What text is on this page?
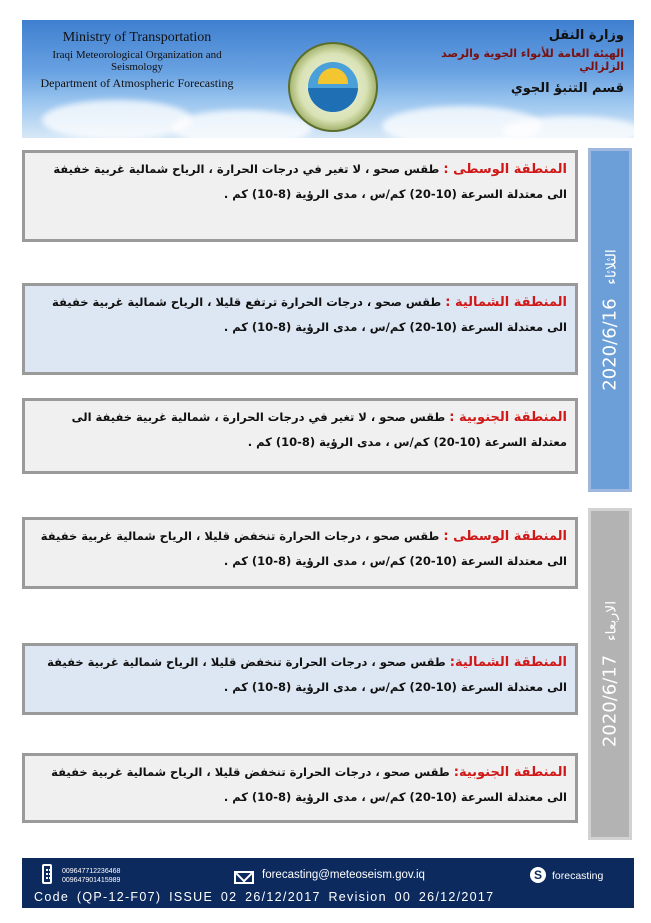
Ministry of Transportation
Iraqi Meteorological Organization and Seismology
Department of Atmospheric Forecasting
وزارة النقل
الهيئة العامة للأنواء الجوية والرصد الزلزالي
قسم التنبؤ الجوي
المنطقة الوسطى : طقس صحو ، لا تغير في درجات الحرارة ، الرياح شمالية غربية خفيفة الى معتدلة السرعة (10-20) كم/س ، مدى الرؤية (8-10) كم .
المنطقة الشمالية : طقس صحو ، درجات الحرارة ترتفع قليلا ، الرياح شمالية غربية خفيفة الى معتدلة السرعة (10-20) كم/س ، مدى الرؤية (8-10) كم .
المنطقة الجنوبية : طقس صحو ، لا تغير في درجات الحرارة ، شمالية غربية خفيفة الى معتدلة السرعة (10-20) كم/س ، مدى الرؤية (8-10) كم .
2020/6/16 الثلاثاء
المنطقة الوسطى : طقس صحو ، درجات الحرارة تنخفض قليلا ، الرياح شمالية غربية خفيفة الى معتدلة السرعة (10-20) كم/س ، مدى الرؤية (8-10) كم .
المنطقة الشمالية: طقس صحو ، درجات الحرارة تنخفض قليلا ، الرياح شمالية غربية خفيفة الى معتدلة السرعة (10-20) كم/س ، مدى الرؤية (8-10) كم .
المنطقة الجنوبية: طقس صحو ، درجات الحرارة تنخفض قليلا ، الرياح شمالية غربية خفيفة الى معتدلة السرعة (10-20) كم/س ، مدى الرؤية (8-10) كم .
2020/6/17 الاربعاء
009647712236468
009647901415989	forecasting@meteoseism.gov.iq	S forecasting
Code (QP-12-F07) ISSUE 02 26/12/2017 Revision 00 26/12/2017
